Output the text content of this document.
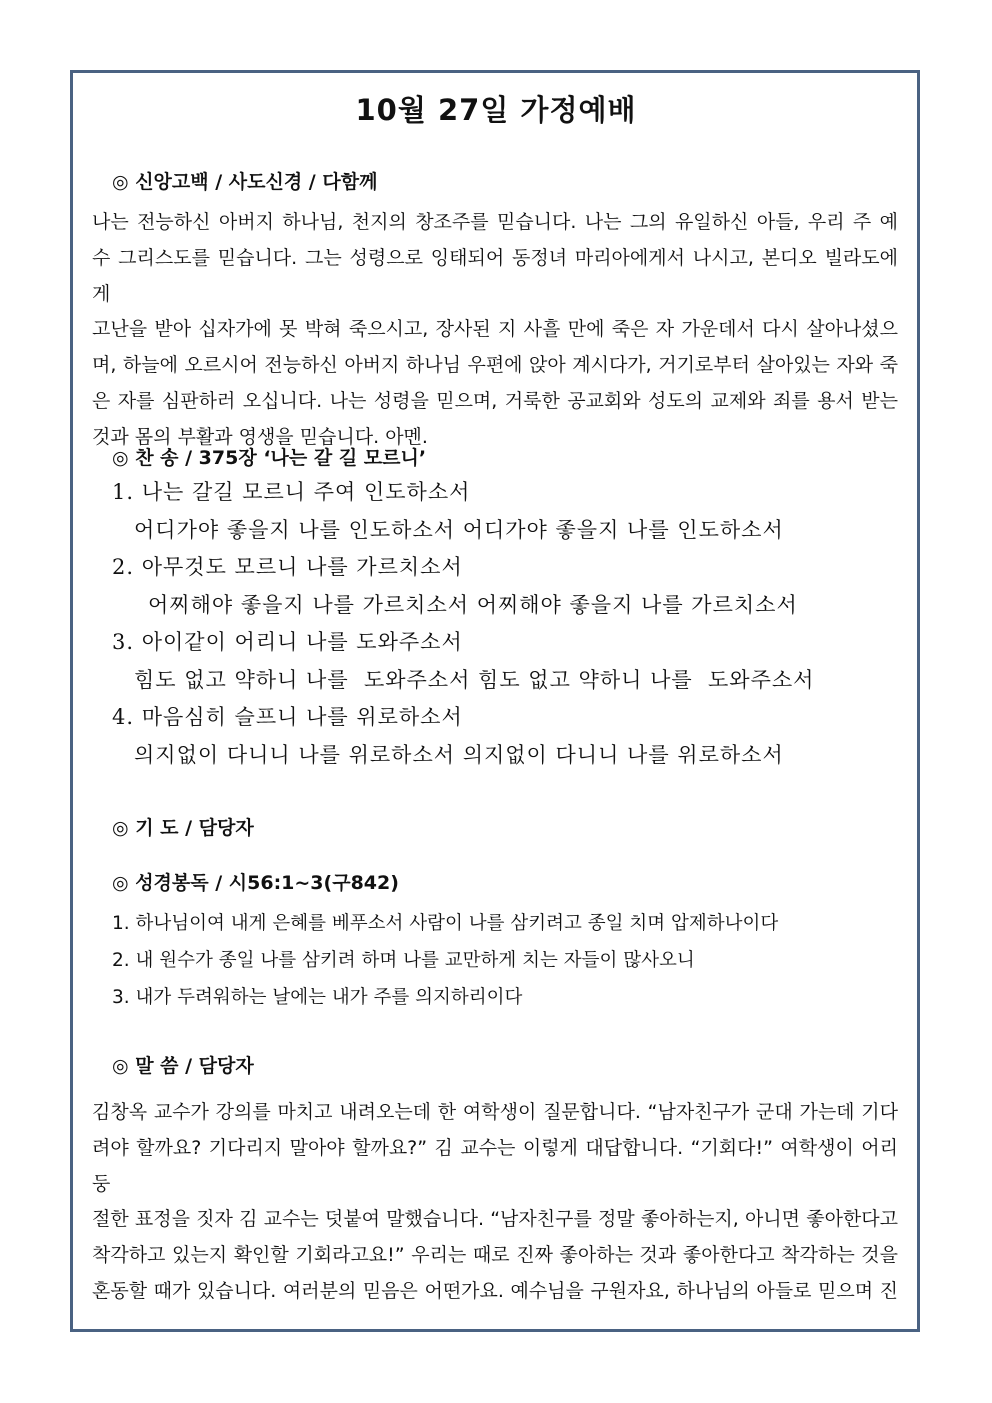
10월 27일 가정예배
◎ 신앙고백 / 사도신경 / 다함께
나는 전능하신 아버지 하나님, 천지의 창조주를 믿습니다. 나는 그의 유일하신 아들, 우리 주 예
수 그리스도를 믿습니다. 그는 성령으로 잉태되어 동정녀 마리아에게서 나시고, 본디오 빌라도에게
고난을 받아 십자가에 못 박혀 죽으시고, 장사된 지 사흘 만에 죽은 자 가운데서 다시 살아나셨으
며, 하늘에 오르시어 전능하신 아버지 하나님 우편에 앉아 계시다가, 거기로부터 살아있는 자와 죽
은 자를 심판하러 오십니다. 나는 성령을 믿으며, 거룩한 공교회와 성도의 교제와 죄를 용서 받는
것과 몸의 부활과 영생을 믿습니다. 아멘.
◎ 찬 송 / 375장 ‘나는 갈 길 모르니’
1. 나는 갈길 모르니 주여 인도하소서
어디가야 좋을지 나를 인도하소서 어디가야 좋을지 나를 인도하소서
2. 아무것도 모르니 나를 가르치소서
어찌해야 좋을지 나를 가르치소서 어찌해야 좋을지 나를 가르치소서
3. 아이같이 어리니 나를 도와주소서
힘도 없고 약하니 나를  도와주소서 힘도 없고 약하니 나를  도와주소서
4. 마음심히 슬프니 나를 위로하소서
의지없이 다니니 나를 위로하소서 의지없이 다니니 나를 위로하소서
◎ 기 도 / 담당자
◎ 성경봉독 / 시56:1~3(구842)
1. 하나님이여 내게 은혜를 베푸소서 사람이 나를 삼키려고 종일 치며 압제하나이다
2. 내 원수가 종일 나를 삼키려 하며 나를 교만하게 치는 자들이 많사오니
3. 내가 두려워하는 날에는 내가 주를 의지하리이다
◎ 말 씀 / 담당자
김창옥 교수가 강의를 마치고 내려오는데 한 여학생이 질문합니다. “남자친구가 군대 가는데 기다
려야 할까요? 기다리지 말아야 할까요?” 김 교수는 이렇게 대답합니다. “기회다!” 여학생이 어리둥
절한 표정을 짓자 김 교수는 덧붙여 말했습니다. “남자친구를 정말 좋아하는지, 아니면 좋아한다고
착각하고 있는지 확인할 기회라고요!” 우리는 때로 진짜 좋아하는 것과 좋아한다고 착각하는 것을
혼동할 때가 있습니다. 여러분의 믿음은 어떤가요. 예수님을 구원자요, 하나님의 아들로 믿으며 진
